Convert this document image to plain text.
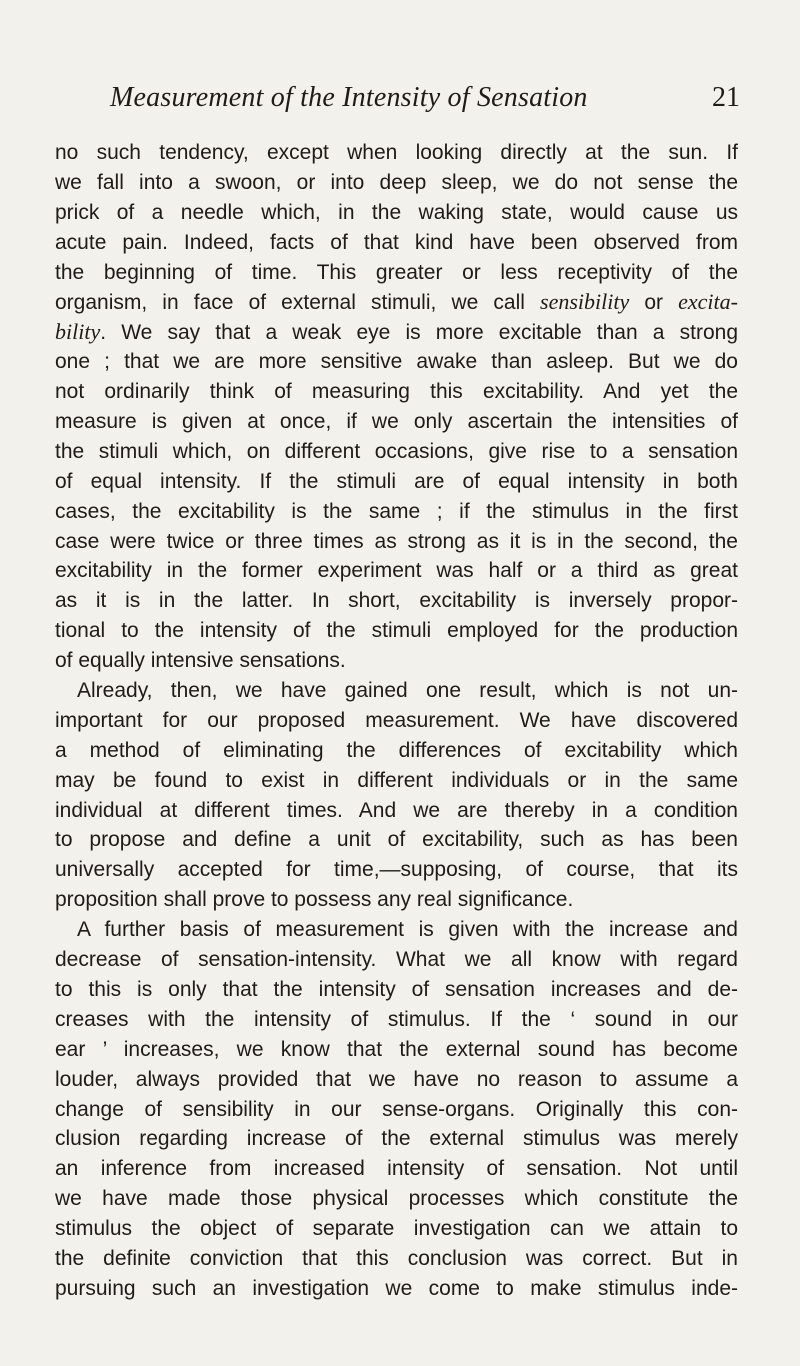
Measurement of the Intensity of Sensation	21
no such tendency, except when looking directly at the sun. If
we fall into a swoon, or into deep sleep, we do not sense the
prick of a needle which, in the waking state, would cause us
acute pain. Indeed, facts of that kind have been observed from
the beginning of time. This greater or less receptivity of the
organism, in face of external stimuli, we call sensibility or excita-
bility. We say that a weak eye is more excitable than a strong
one ; that we are more sensitive awake than asleep. But we do
not ordinarily think of measuring this excitability. And yet the
measure is given at once, if we only ascertain the intensities of
the stimuli which, on different occasions, give rise to a sensation
of equal intensity. If the stimuli are of equal intensity in both
cases, the excitability is the same ; if the stimulus in the first
case were twice or three times as strong as it is in the second, the
excitability in the former experiment was half or a third as great
as it is in the latter. In short, excitability is inversely propor-
tional to the intensity of the stimuli employed for the production
of equally intensive sensations.
Already, then, we have gained one result, which is not un-
important for our proposed measurement. We have discovered
a method of eliminating the differences of excitability which
may be found to exist in different individuals or in the same
individual at different times. And we are thereby in a condition
to propose and define a unit of excitability, such as has been
universally accepted for time,—supposing, of course, that its
proposition shall prove to possess any real significance.
A further basis of measurement is given with the increase and
decrease of sensation-intensity. What we all know with regard
to this is only that the intensity of sensation increases and de-
creases with the intensity of stimulus. If the ‘ sound in our
ear ’ increases, we know that the external sound has become
louder, always provided that we have no reason to assume a
change of sensibility in our sense-organs. Originally this con-
clusion regarding increase of the external stimulus was merely
an inference from increased intensity of sensation. Not until
we have made those physical processes which constitute the
stimulus the object of separate investigation can we attain to
the definite conviction that this conclusion was correct. But in
pursuing such an investigation we come to make stimulus inde-
